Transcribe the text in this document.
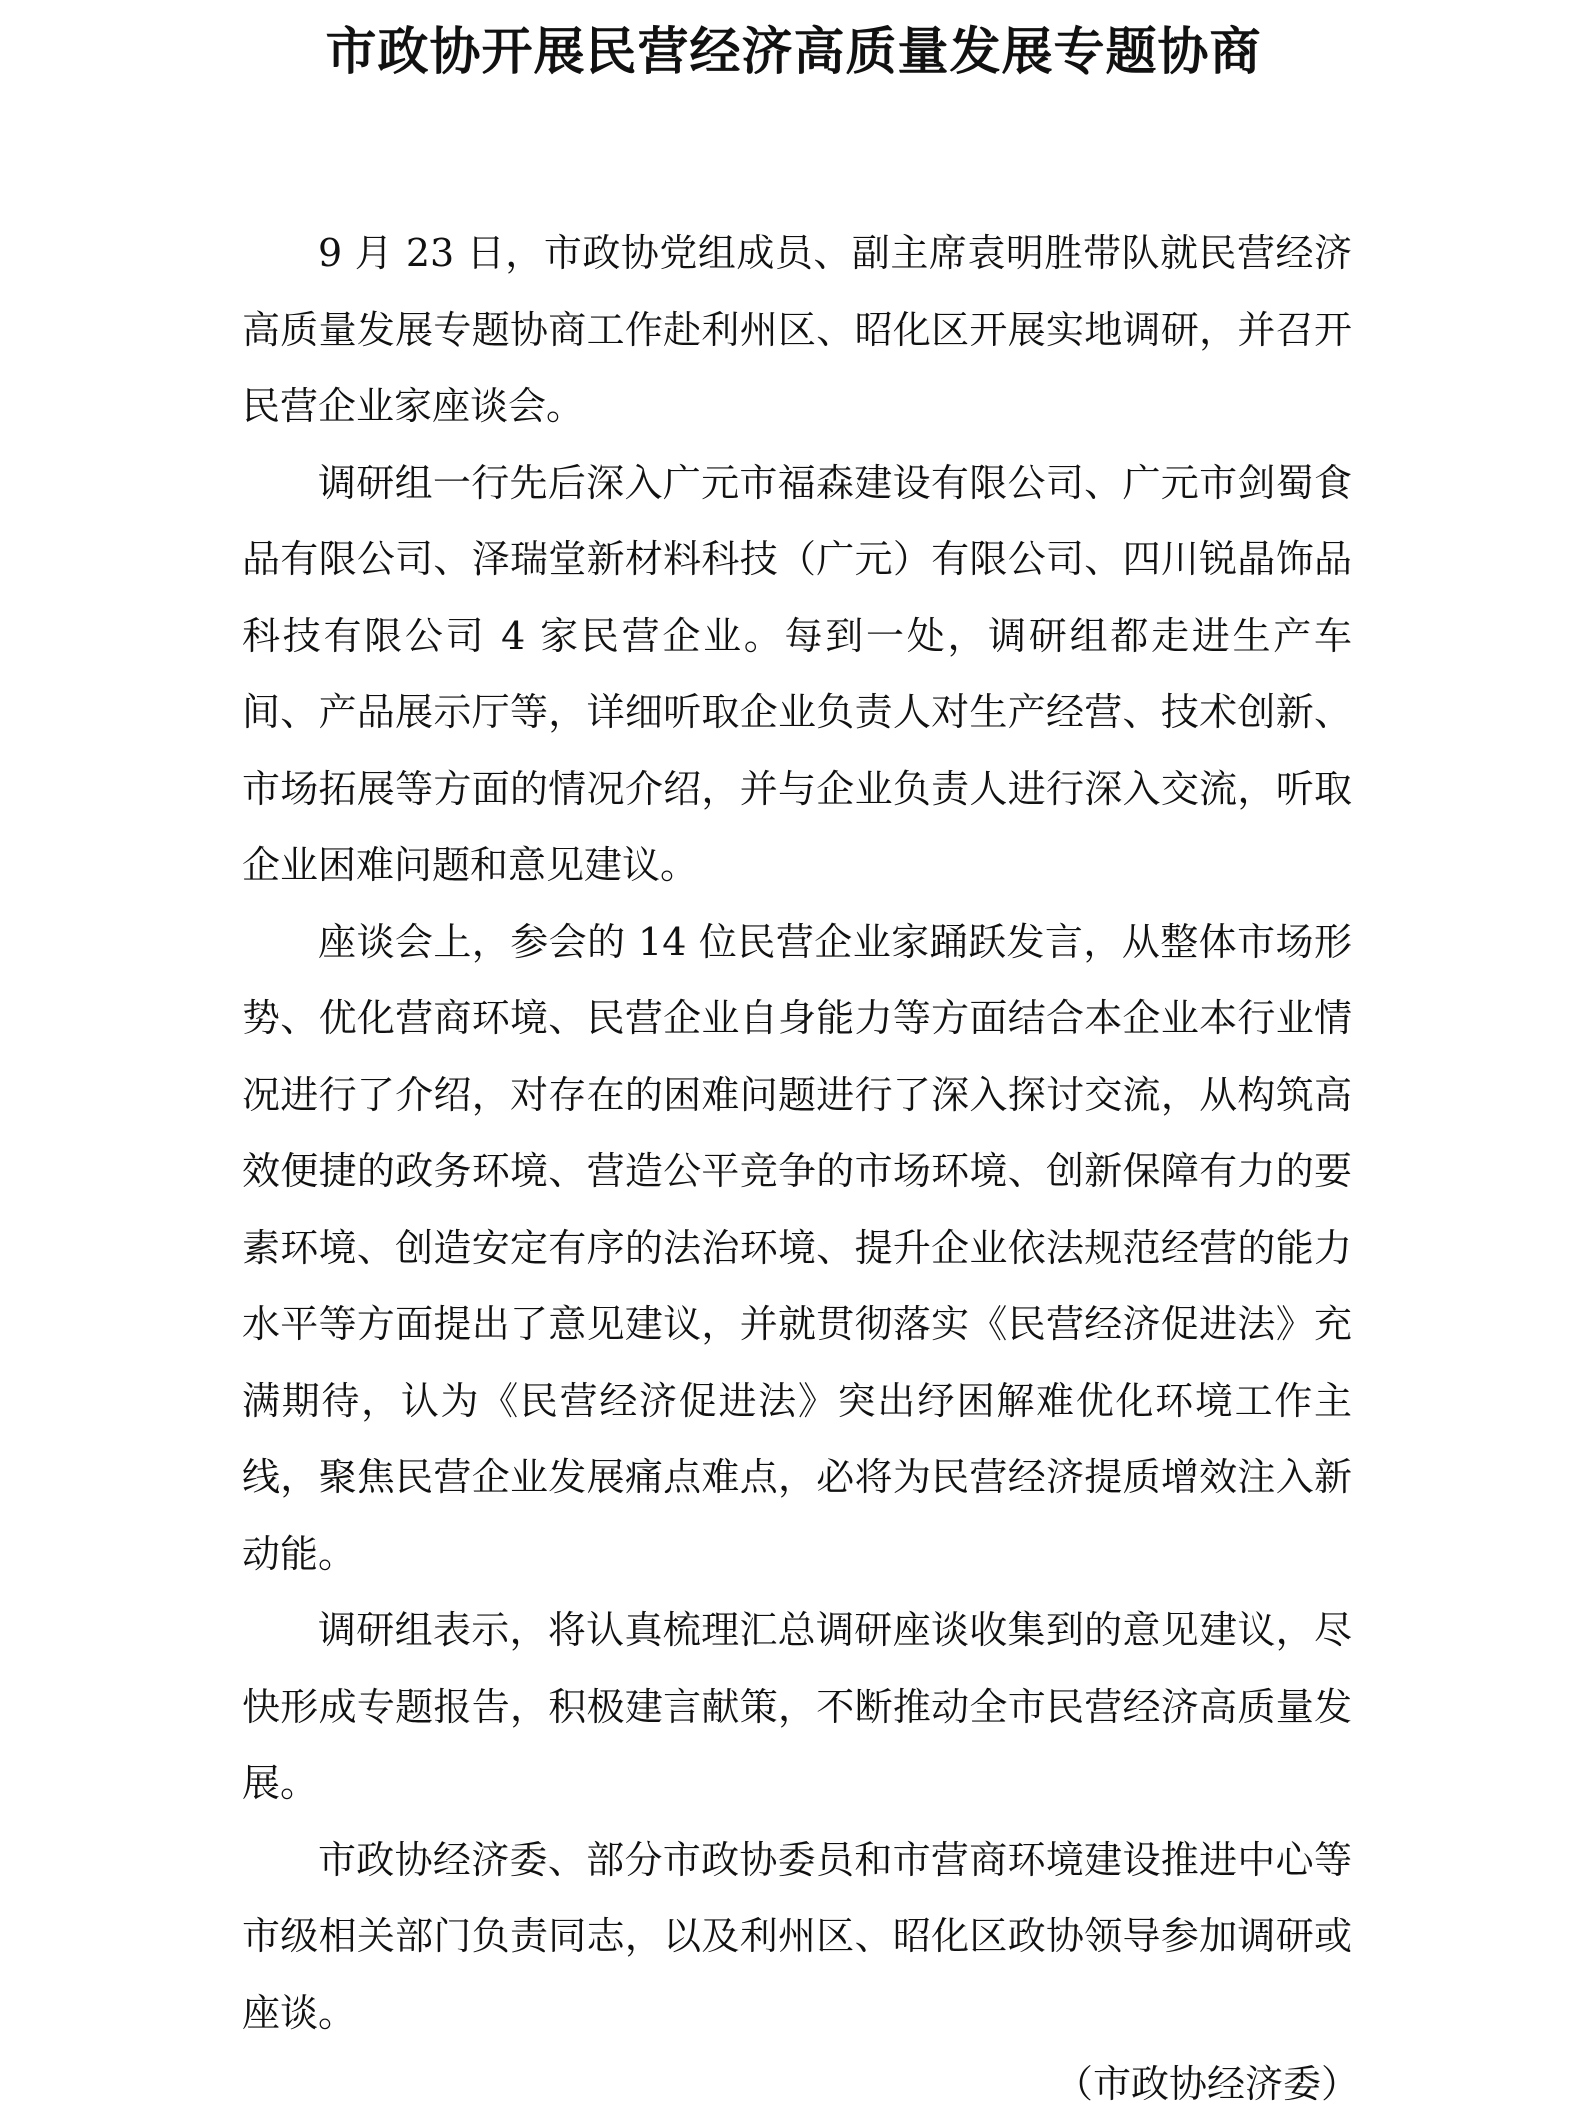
市政协开展民营经济高质量发展专题协商

9 月 23 日，市政协党组成员、副主席袁明胜带队就民营经济高质量发展专题协商工作赴利州区、昭化区开展实地调研，并召开民营企业家座谈会。

调研组一行先后深入广元市福森建设有限公司、广元市剑蜀食品有限公司、泽瑞堂新材料科技（广元）有限公司、四川锐晶饰品科技有限公司 4 家民营企业。每到一处，调研组都走进生产车间、产品展示厅等，详细听取企业负责人对生产经营、技术创新、市场拓展等方面的情况介绍，并与企业负责人进行深入交流，听取企业困难问题和意见建议。

座谈会上，参会的 14 位民营企业家踊跃发言，从整体市场形势、优化营商环境、民营企业自身能力等方面结合本企业本行业情况进行了介绍，对存在的困难问题进行了深入探讨交流，从构筑高效便捷的政务环境、营造公平竞争的市场环境、创新保障有力的要素环境、创造安定有序的法治环境、提升企业依法规范经营的能力水平等方面提出了意见建议，并就贯彻落实《民营经济促进法》充满期待，认为《民营经济促进法》突出纾困解难优化环境工作主线，聚焦民营企业发展痛点难点，必将为民营经济提质增效注入新动能。

调研组表示，将认真梳理汇总调研座谈收集到的意见建议，尽快形成专题报告，积极建言献策，不断推动全市民营经济高质量发展。

市政协经济委、部分市政协委员和市营商环境建设推进中心等市级相关部门负责同志，以及利州区、昭化区政协领导参加调研或座谈。

（市政协经济委）
